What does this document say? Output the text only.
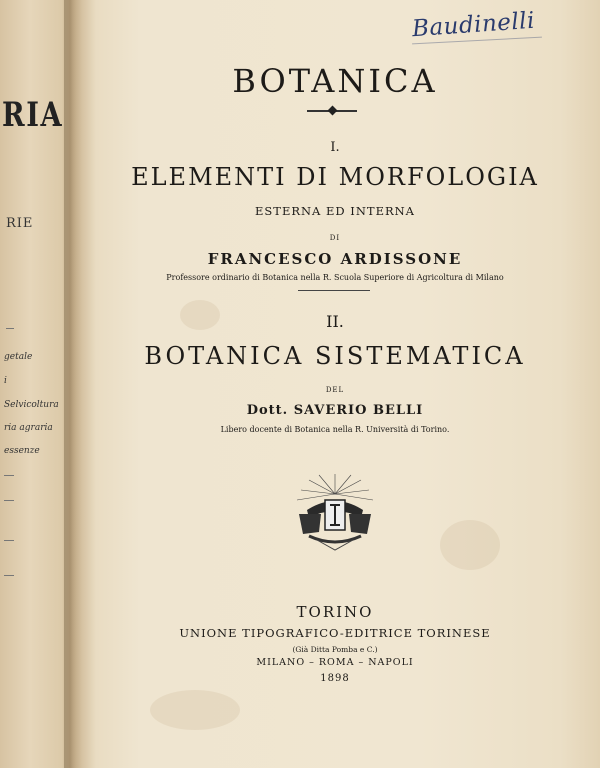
RIA
RIE
getale
i
Selvicoltura
ria agraria
essenze
Baudinelli
BOTANICA
I.
ELEMENTI DI MORFOLOGIA
ESTERNA ED INTERNA
DI
FRANCESCO ARDISSONE
Professore ordinario di Botanica nella R. Scuola Superiore di Agricoltura di Milano
II.
BOTANICA SISTEMATICA
DEL
Dott. SAVERIO BELLI
Libero docente di Botanica nella R. Università di Torino.
TORINO
UNIONE TIPOGRAFICO-EDITRICE TORINESE
(Già Ditta Pomba e C.)
MILANO – ROMA – NAPOLI
1898
